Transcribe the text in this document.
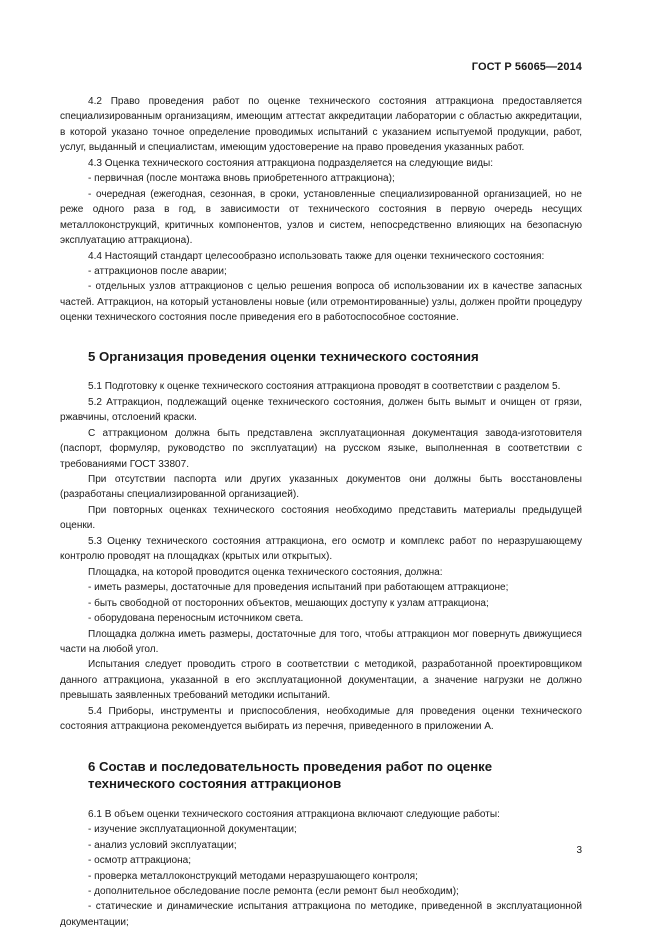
ГОСТ Р 56065—2014

4.2 Право проведения работ по оценке технического состояния аттракциона предоставляется специализированным организациям, имеющим аттестат аккредитации лаборатории с областью аккредитации, в которой указано точное определение проводимых испытаний с указанием испытуемой продукции, работ, услуг, выданный и специалистам, имеющим удостоверение на право проведения указанных работ.

4.3 Оценка технического состояния аттракциона подразделяется на следующие виды:

- первичная (после монтажа вновь приобретенного аттракциона);

- очередная (ежегодная, сезонная, в сроки, установленные специализированной организацией, но не реже одного раза в год, в зависимости от технического состояния в первую очередь несущих металлоконструкций, критичных компонентов, узлов и систем, непосредственно влияющих на безопасную эксплуатацию аттракциона).

4.4 Настоящий стандарт целесообразно использовать также для оценки технического состояния:

- аттракционов после аварии;

- отдельных узлов аттракционов с целью решения вопроса об использовании их в качестве запасных частей. Аттракцион, на который установлены новые (или отремонтированные) узлы, должен пройти процедуру оценки технического состояния после приведения его в работоспособное состояние.

5 Организация проведения оценки технического состояния

5.1 Подготовку к оценке технического состояния аттракциона проводят в соответствии с разделом 5.

5.2 Аттракцион, подлежащий оценке технического состояния, должен быть вымыт и очищен от грязи, ржавчины, отслоений краски.

С аттракционом должна быть представлена эксплуатационная документация завода-изготовителя (паспорт, формуляр, руководство по эксплуатации) на русском языке, выполненная в соответствии с требованиями ГОСТ 33807.

При отсутствии паспорта или других указанных документов они должны быть восстановлены (разработаны специализированной организацией).

При повторных оценках технического состояния необходимо представить материалы предыдущей оценки.

5.3 Оценку технического состояния аттракциона, его осмотр и комплекс работ по неразрушающему контролю проводят на площадках (крытых или открытых).

Площадка, на которой проводится оценка технического состояния, должна:

- иметь размеры, достаточные для проведения испытаний при работающем аттракционе;

- быть свободной от посторонних объектов, мешающих доступу к узлам аттракциона;

- оборудована переносным источником света.

Площадка должна иметь размеры, достаточные для того, чтобы аттракцион мог повернуть движущиеся части на любой угол.

Испытания следует проводить строго в соответствии с методикой, разработанной проектировщиком данного аттракциона, указанной в его эксплуатационной документации, а значение нагрузки не должно превышать заявленных требований методики испытаний.

5.4 Приборы, инструменты и приспособления, необходимые для проведения оценки технического состояния аттракциона рекомендуется выбирать из перечня, приведенного в приложении А.

6 Состав и последовательность проведения работ по оценке
технического состояния аттракционов

6.1 В объем оценки технического состояния аттракциона включают следующие работы:

- изучение эксплуатационной документации;

- анализ условий эксплуатации;

- осмотр аттракциона;

- проверка металлоконструкций методами неразрушающего контроля;

- дополнительное обследование после ремонта (если ремонт был необходим);

- статические и динамические испытания аттракциона по методике, приведенной в эксплуатационной документации;

3
